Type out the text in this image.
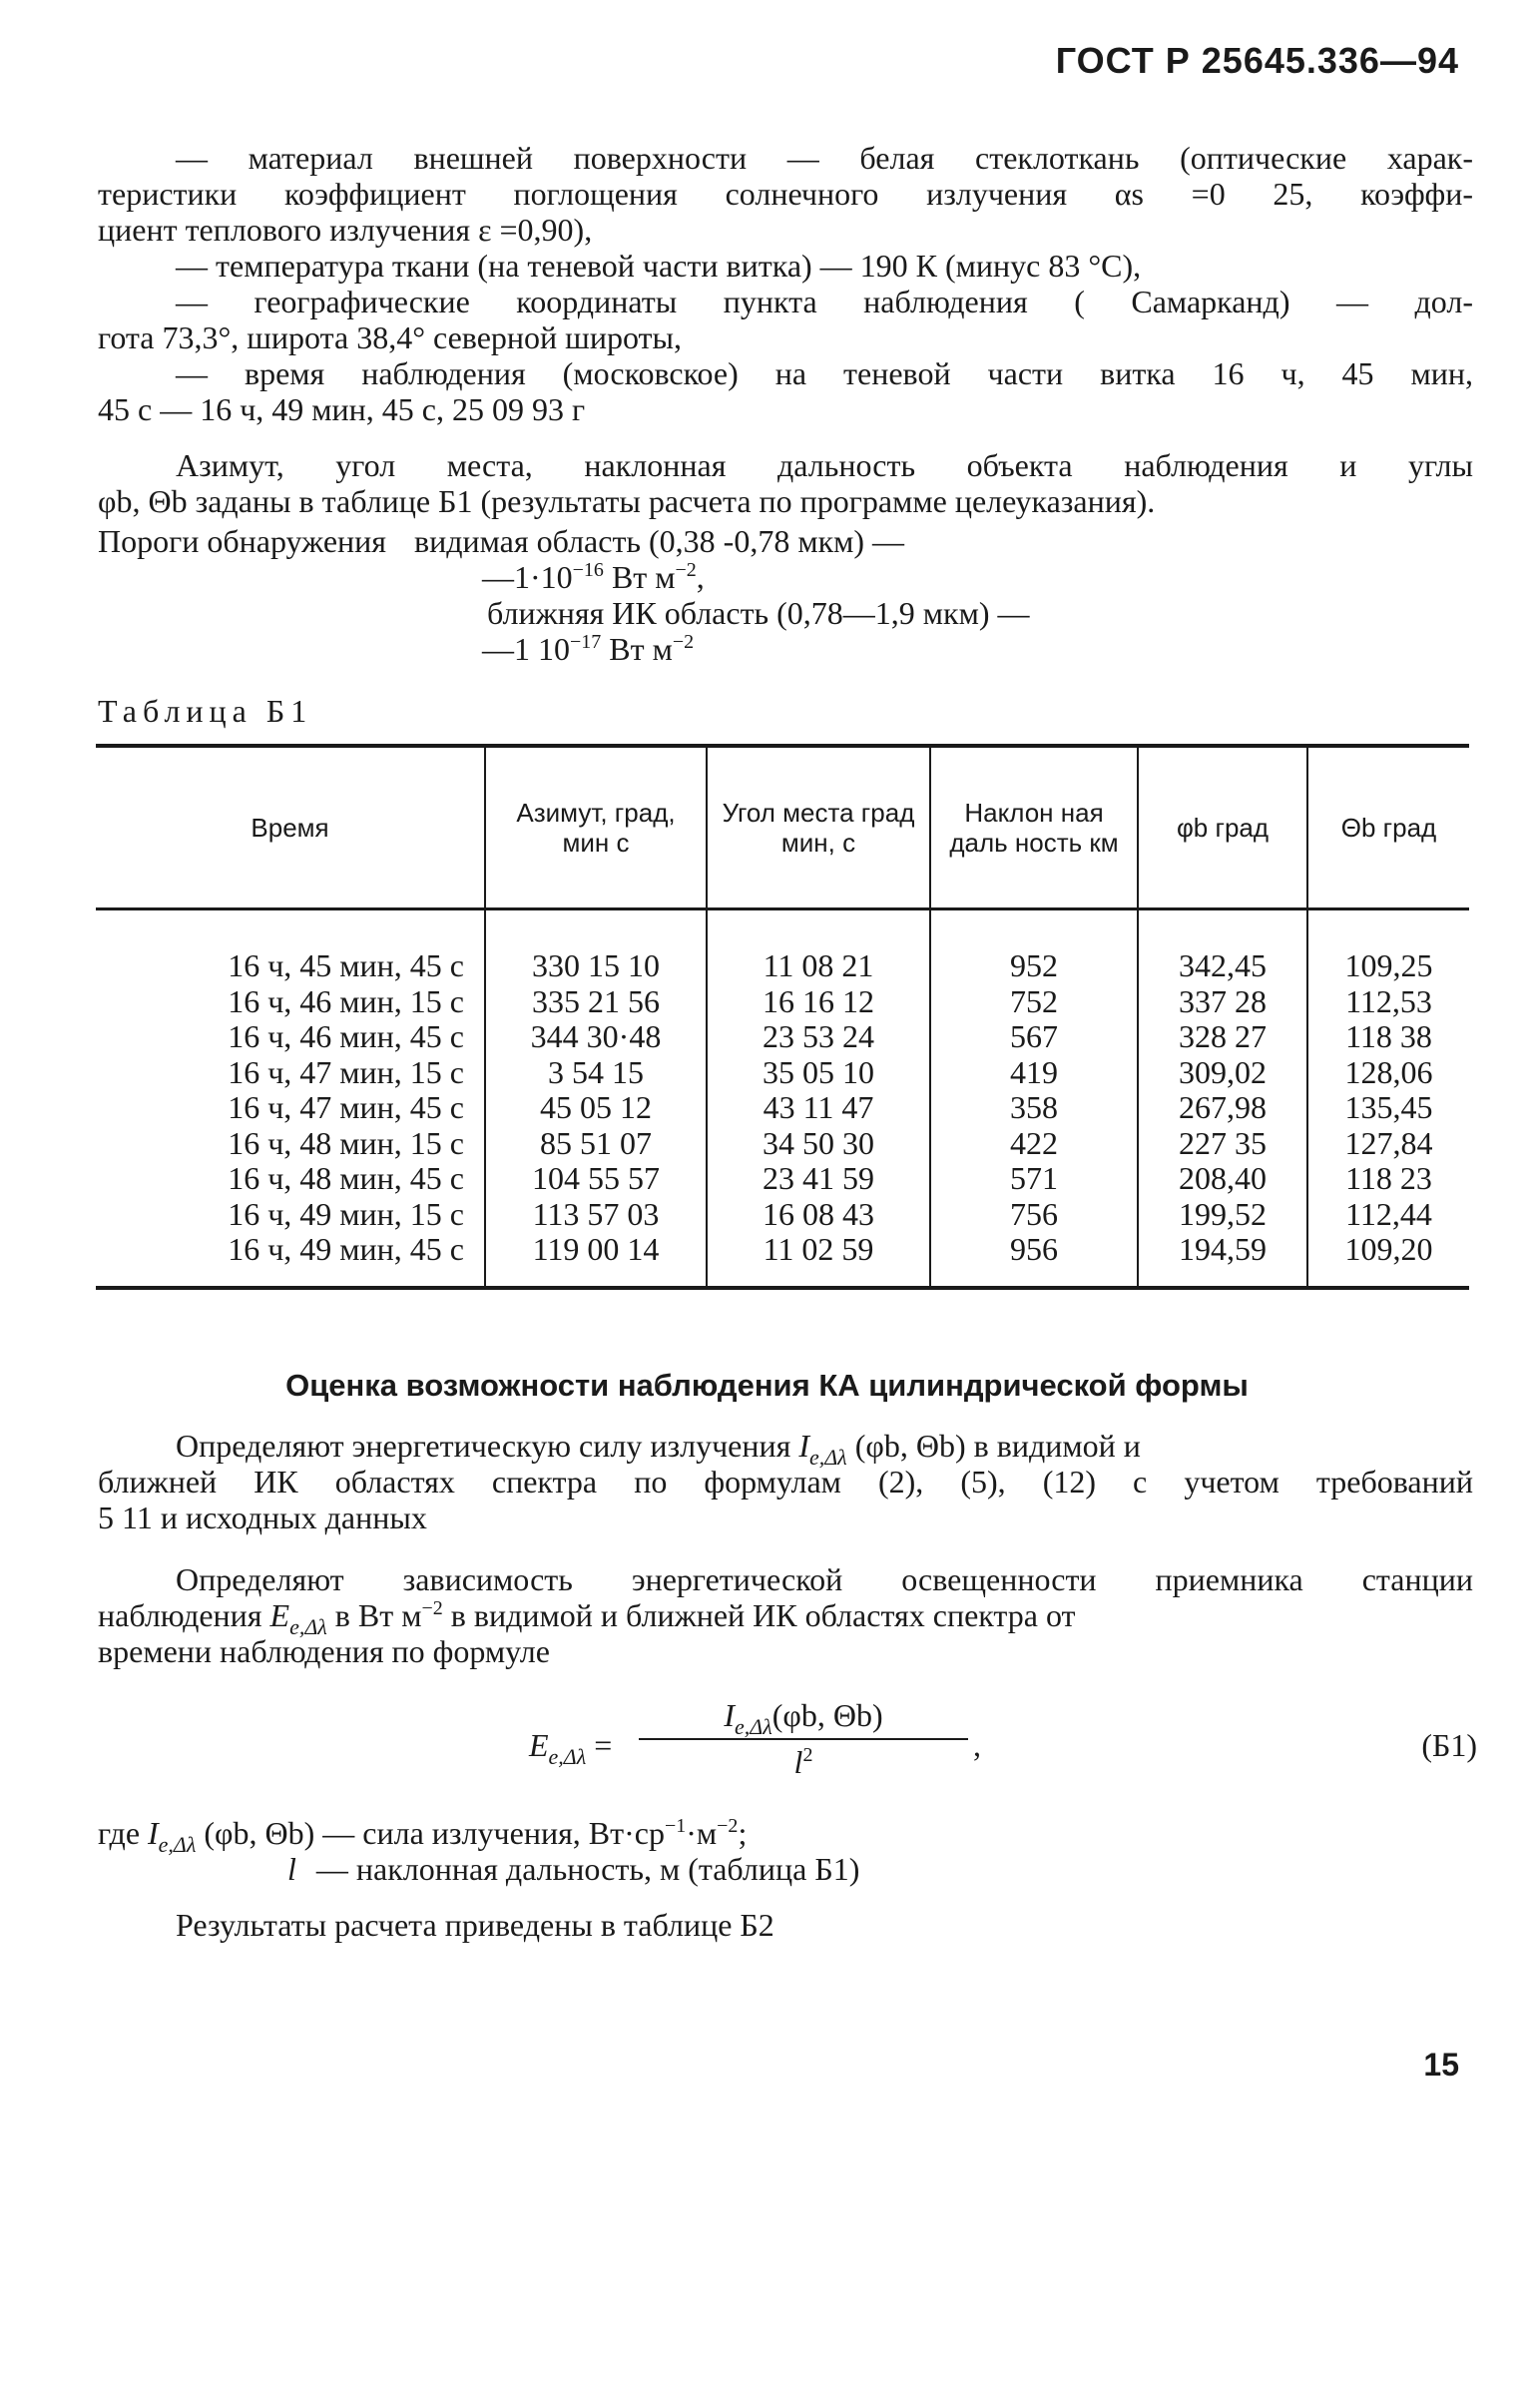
ГОСТ Р 25645.336—94
— материал внешней поверхности — белая стеклоткань (оптические харак-
теристики коэффициент поглощения солнечного излучения αs =0 25, коэффи-
циент теплового излучения ε =0,90),
— температура ткани (на теневой части витка) — 190 К (минус 83 °С),
— географические координаты пункта наблюдения ( Самарканд) — дол-
гота 73,3°, широта 38,4° северной широты,
— время наблюдения (московское) на теневой части витка 16 ч, 45 мин,
45 с — 16 ч, 49 мин, 45 с, 25 09 93 г
Азимут, угол места, наклонная дальность объекта наблюдения и углы
φb, Θb заданы в таблице Б1 (результаты расчета по программе целеуказания).
Пороги обнаружения видимая область (0,38 -0,78 мкм) —
$—1\cdot 10^{-16}$ Вт $м^{-2}$,
ближняя ИК область (0,78—1,9 мкм) —
—1 $10^{-17}$ Вт $м^{-2}$
Таблица Б1
Время	Азимут, град, мин с	Угол места град мин, с	Наклон ная даль ность км	φb град	Θb град
16 ч, 45 мин, 45 с	330 15 10	11 08 21	952	342,45	109,25
16 ч, 46 мин, 15 с	335 21 56	16 16 12	752	337 28	112,53
16 ч, 46 мин, 45 с	344 30·48	23 53 24	567	328 27	118 38
16 ч, 47 мин, 15 с	3 54 15	35 05 10	419	309,02	128,06
16 ч, 47 мин, 45 с	45 05 12	43 11 47	358	267,98	135,45
16 ч, 48 мин, 15 с	85 51 07	34 50 30	422	227 35	127,84
16 ч, 48 мин, 45 с	104 55 57	23 41 59	571	208,40	118 23
16 ч, 49 мин, 15 с	113 57 03	16 08 43	756	199,52	112,44
16 ч, 49 мин, 45 с	119 00 14	11 02 59	956	194,59	109,20
Оценка возможности наблюдения КА цилиндрической формы
Определяют энергетическую силу излучения $I_{e,\Delta\lambda}$ (φb, Θb) в видимой и
ближней ИК областях спектра по формулам (2), (5), (12) с учетом требований
5 11 и исходных данных
Определяют зависимость энергетической освещенности приемника станции
наблюдения $E_{e,\Delta\lambda}$ в Вт $м^{-2}$ в видимой и ближней ИК областях спектра от
времени наблюдения по формуле
$E_{e,\Delta\lambda} = \frac{I_{e,\Delta\lambda}(\varphi b, \Theta b)}{l^2}$ ,	(Б1)
где $I_{e,\Delta\lambda}$ (φb, Θb) — сила излучения, $Вт\cdot ср^{-1}\cdot м^{-2}$;
l — наклонная дальность, м (таблица Б1)
Результаты расчета приведены в таблице Б2
15
